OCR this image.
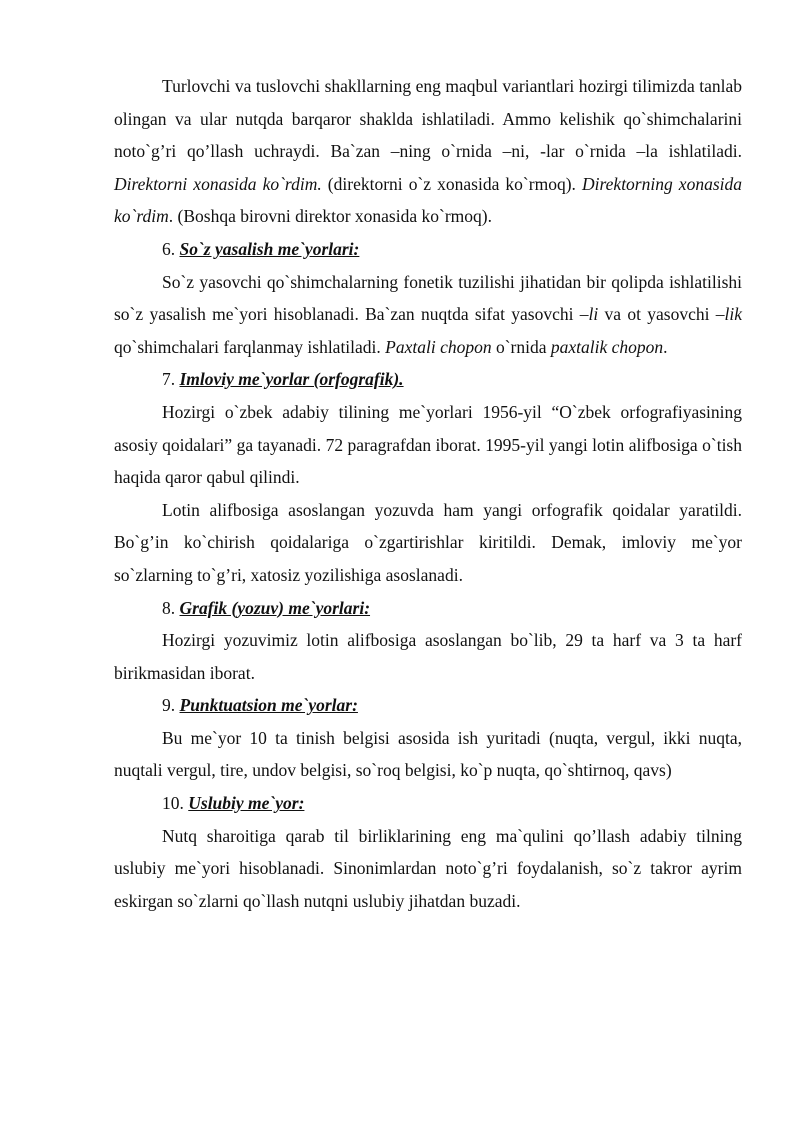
Turlovchi va tuslovchi shakllarning eng maqbul variantlari hozirgi tilimizda tanlab olingan va ular nutqda barqaror shaklda ishlatiladi. Ammo kelishik qo`shimchalarini noto`g’ri qo’llash uchraydi. Ba`zan –ning o`rnida –ni, -lar o`rnida –la ishlatiladi. Direktorni xonasida ko`rdim. (direktorni o`z xonasida ko`rmoq). Direktorning xonasida ko`rdim. (Boshqa birovni direktor xonasida ko`rmoq).

6. So`z yasalish me`yorlari:

So`z yasovchi qo`shimchalarning fonetik tuzilishi jihatidan bir qolipda ishlatilishi so`z yasalish me`yori hisoblanadi. Ba`zan nuqtda sifat yasovchi –li va ot yasovchi –lik qo`shimchalari farqlanmay ishlatiladi. Paxtali chopon o`rnida paxtalik chopon.

7. Imloviy me`yorlar (orfografik).

Hozirgi o`zbek adabiy tilining me`yorlari 1956-yil “O`zbek orfografiyasining asosiy qoidalari” ga tayanadi. 72 paragrafdan iborat. 1995-yil yangi lotin alifbosiga o`tish haqida qaror qabul qilindi.

Lotin alifbosiga asoslangan yozuvda ham yangi orfografik qoidalar yaratildi. Bo`g’in ko`chirish qoidalariga o`zgartirishlar kiritildi. Demak, imloviy me`yor so`zlarning to`g’ri, xatosiz yozilishiga asoslanadi.

8. Grafik (yozuv) me`yorlari:

Hozirgi yozuvimiz lotin alifbosiga asoslangan bo`lib, 29 ta harf va 3 ta harf birikmasidan iborat.

9. Punktuatsion me`yorlar:

Bu me`yor 10 ta tinish belgisi asosida ish yuritadi (nuqta, vergul, ikki nuqta, nuqtali vergul, tire, undov belgisi, so`roq belgisi, ko`p nuqta, qo`shtirnoq, qavs)

10. Uslubiy me`yor:

Nutq sharoitiga qarab til birliklarining eng ma`qulini qo’llash adabiy tilning uslubiy me`yori hisoblanadi. Sinonimlardan noto`g’ri foydalanish, so`z takror ayrim eskirgan so`zlarni qo`llash nutqni uslubiy jihatdan buzadi.
